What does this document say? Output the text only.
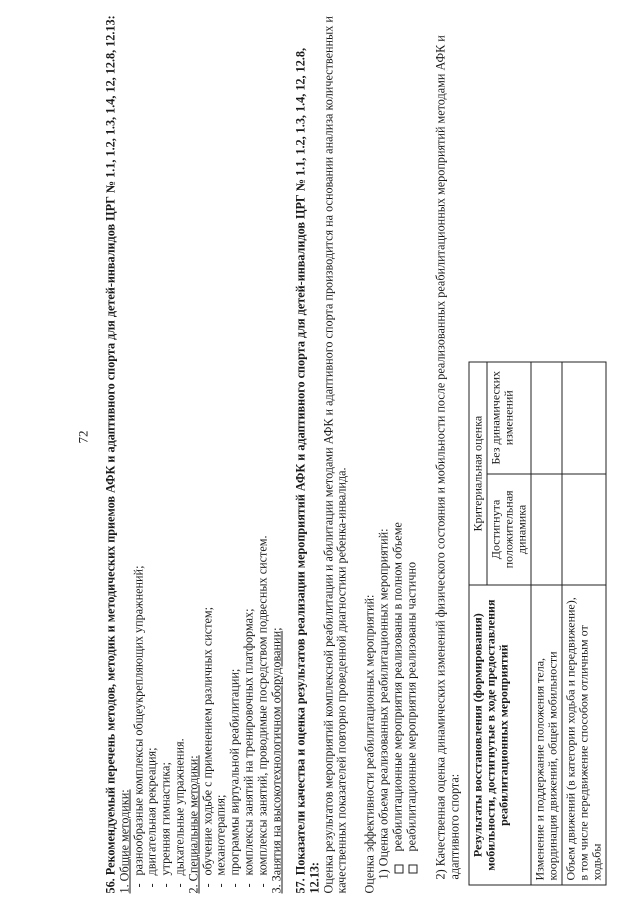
72 56. Рекомендуемый перечень методов, методик и методических приемов АФК и адаптивного спорта для детей-инвалидов ЦРГ № 1.1, 1.2, 1.3, 1.4, 12, 12.8, 12.13: 1. Общие методики: - разнообразные комплексы общеукрепляющих упражнений; - двигательная рекреация; - утренняя гимнастика; - дыхательные упражнения. 2. Специальные методики: - обучение ходьбе с применением различных систем; - механотерапия; - программы виртуальной реабилитации; - комплексы занятий на тренировочных платформах; - комплексы занятий, проводимые посредством подвесных систем. 3. Занятия на высокотехнологичном оборудовании; 57. Показатели качества и оценка результатов реализации мероприятий АФК и адаптивного спорта для детей-инвалидов ЦРГ № 1.1, 1.2, 1.3, 1.4, 12, 12.8, 12.13: Оценка результатов мероприятий комплексной реабилитации и абилитации методами АФК и адаптивного спорта производится на основании анализа количественных и качественных показателей повторно проведенной диагностики ребенка-инвалида. Оценка эффективности реабилитационных мероприятий: 1) Оценка объема реализованных реабилитационных мероприятий: реабилитационные мероприятия реализованы в полном объеме реабилитационные мероприятия реализованы частично 2) Качественная оценка динамических изменений физического состояния и мобильности после реализованных реабилитационных мероприятий методами АФК и адаптивного спорта: Результаты восстановления (формирования) мобильности, достигнутые в ходе предоставления реабилитационных мероприятий	Критериальная оценка	
	Достигнута положительная динамика	Без динамических изменений
Изменение и поддержание положения тела, координация движений, общей мобильности		
Объем движений (в категории ходьба и передвижение), в том числе передвижение способом отличным от ходьбы		
